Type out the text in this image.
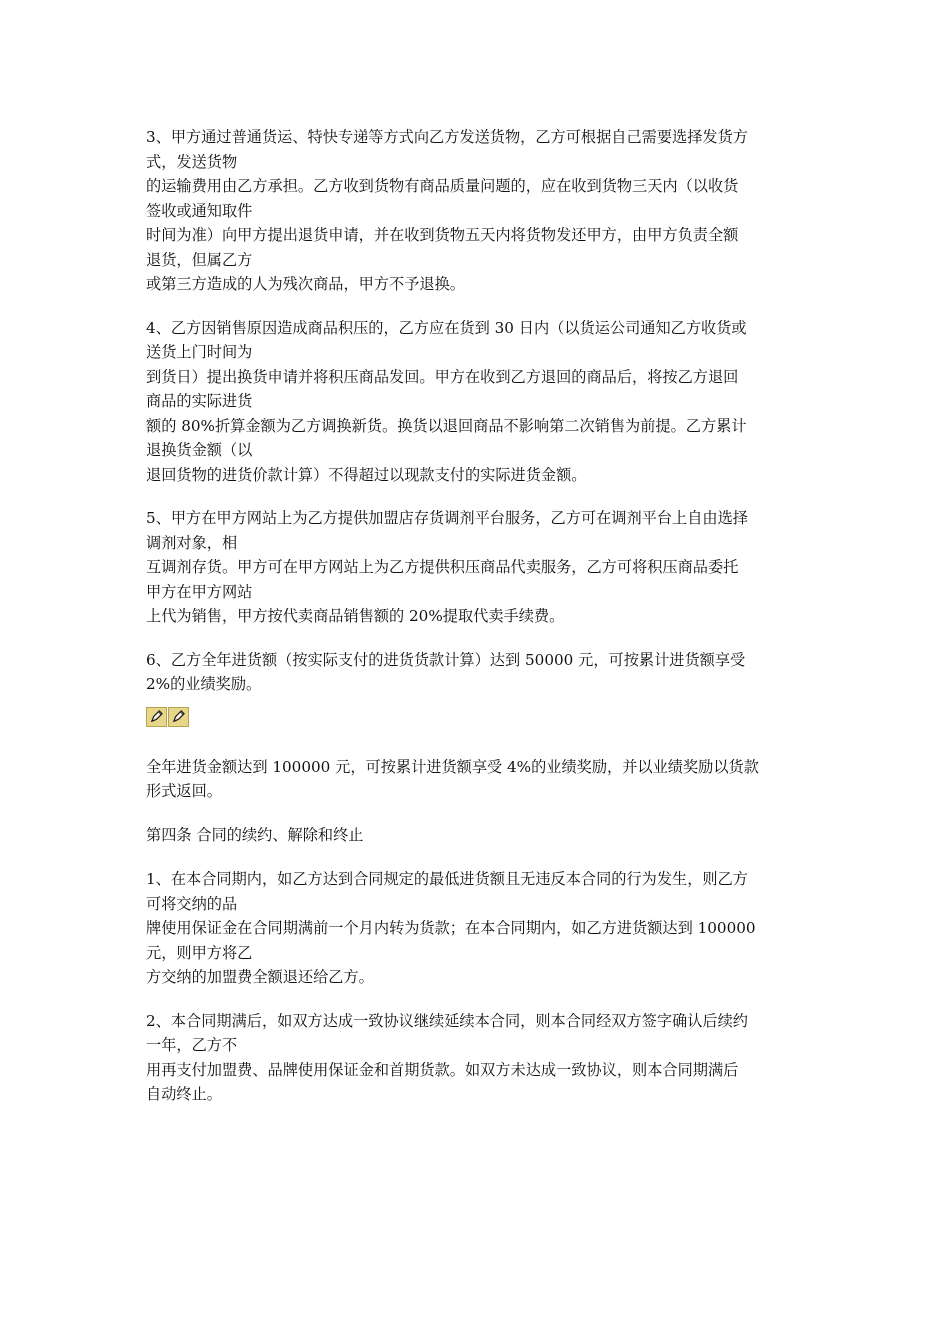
3、甲方通过普通货运、特快专递等方式向乙方发送货物，乙方可根据自己需要选择发货方
式，发送货物
的运输费用由乙方承担。乙方收到货物有商品质量问题的，应在收到货物三天内（以收货
签收或通知取件
时间为准）向甲方提出退货申请，并在收到货物五天内将货物发还甲方，由甲方负责全额
退货，但属乙方
或第三方造成的人为残次商品，甲方不予退换。
4、乙方因销售原因造成商品积压的，乙方应在货到 30 日内（以货运公司通知乙方收货或
送货上门时间为
到货日）提出换货申请并将积压商品发回。甲方在收到乙方退回的商品后，将按乙方退回
商品的实际进货
额的 80%折算金额为乙方调换新货。换货以退回商品不影响第二次销售为前提。乙方累计
退换货金额（以
退回货物的进货价款计算）不得超过以现款支付的实际进货金额。
5、甲方在甲方网站上为乙方提供加盟店存货调剂平台服务，乙方可在调剂平台上自由选择
调剂对象，相
互调剂存货。甲方可在甲方网站上为乙方提供积压商品代卖服务，乙方可将积压商品委托
甲方在甲方网站
上代为销售，甲方按代卖商品销售额的 20%提取代卖手续费。
6、乙方全年进货额（按实际支付的进货货款计算）达到 50000 元，可按累计进货额享受
2%的业绩奖励。
全年进货金额达到 100000 元，可按累计进货额享受 4%的业绩奖励，并以业绩奖励以货款
形式返回。
第四条 合同的续约、解除和终止
1、在本合同期内，如乙方达到合同规定的最低进货额且无违反本合同的行为发生，则乙方
可将交纳的品
牌使用保证金在合同期满前一个月内转为货款；在本合同期内，如乙方进货额达到 100000
元，则甲方将乙
方交纳的加盟费全额退还给乙方。
2、本合同期满后，如双方达成一致协议继续延续本合同，则本合同经双方签字确认后续约
一年，乙方不
用再支付加盟费、品牌使用保证金和首期货款。如双方未达成一致协议，则本合同期满后
自动终止。
